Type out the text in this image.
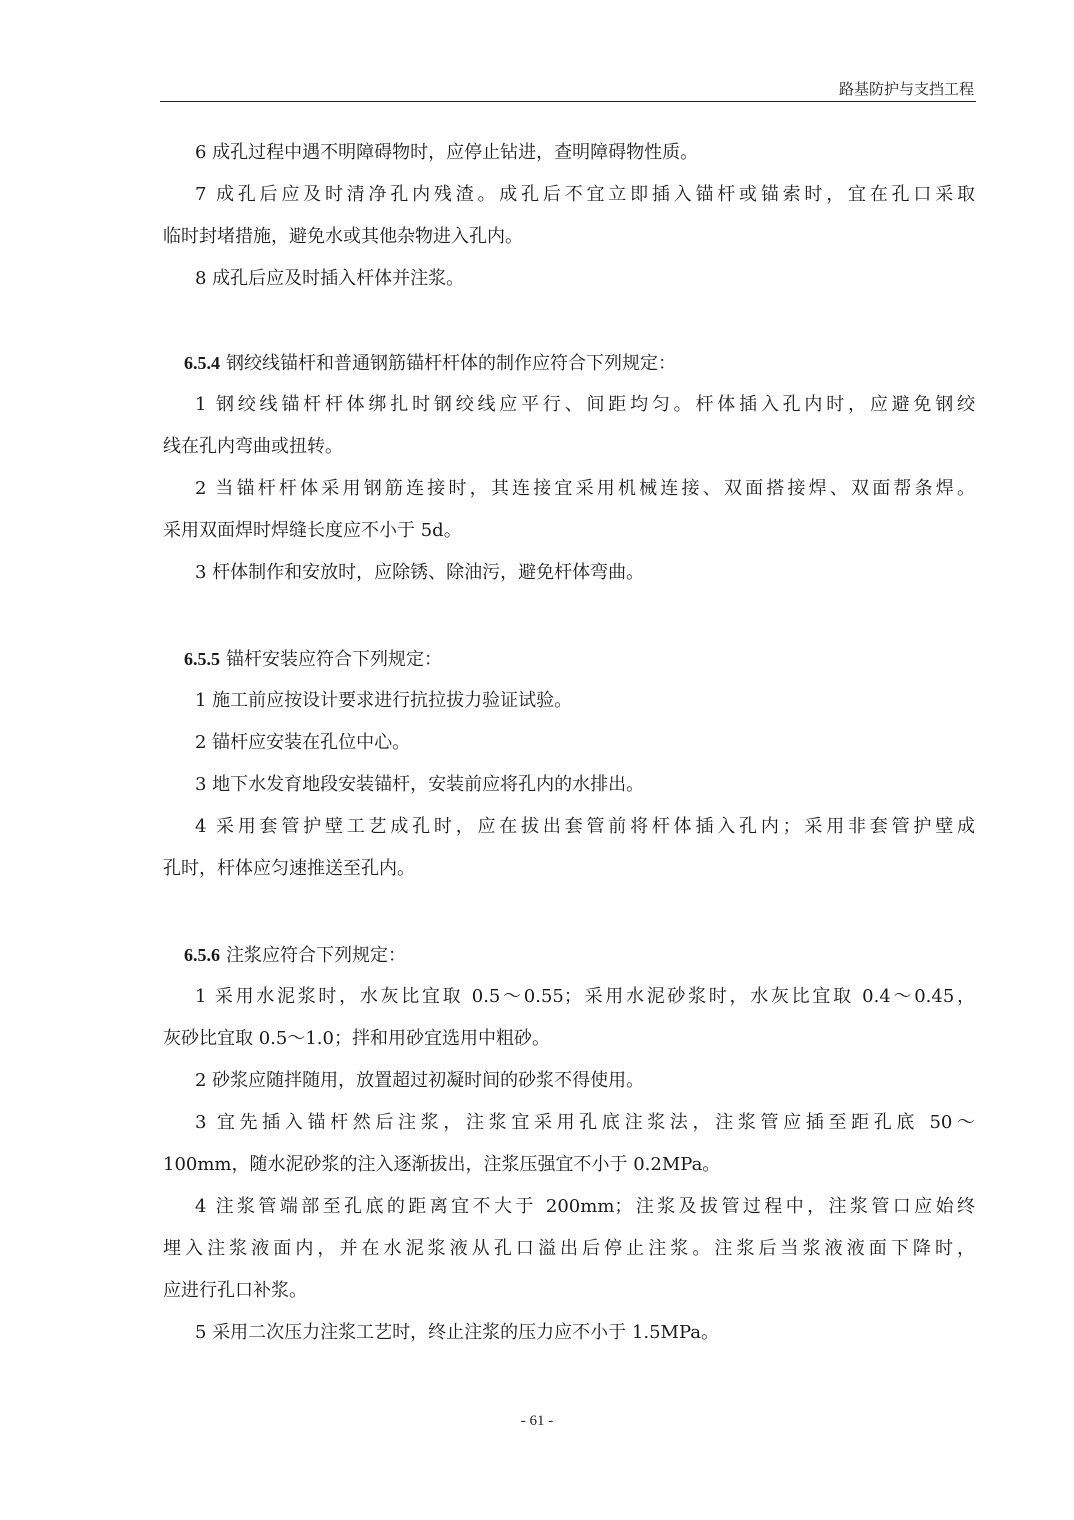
路基防护与支挡工程
6 成孔过程中遇不明障碍物时，应停止钻进，查明障碍物性质。
7 成孔后应及时清净孔内残渣。成孔后不宜立即插入锚杆或锚索时，宜在孔口采取
临时封堵措施，避免水或其他杂物进入孔内。
8 成孔后应及时插入杆体并注浆。
6.5.4 钢绞线锚杆和普通钢筋锚杆杆体的制作应符合下列规定：
1 钢绞线锚杆杆体绑扎时钢绞线应平行、间距均匀。杆体插入孔内时，应避免钢绞
线在孔内弯曲或扭转。
2 当锚杆杆体采用钢筋连接时，其连接宜采用机械连接、双面搭接焊、双面帮条焊。
采用双面焊时焊缝长度应不小于 5d。
3 杆体制作和安放时，应除锈、除油污，避免杆体弯曲。
6.5.5 锚杆安装应符合下列规定：
1 施工前应按设计要求进行抗拉拔力验证试验。
2 锚杆应安装在孔位中心。
3 地下水发育地段安装锚杆，安装前应将孔内的水排出。
4 采用套管护壁工艺成孔时，应在拔出套管前将杆体插入孔内；采用非套管护壁成
孔时，杆体应匀速推送至孔内。
6.5.6 注浆应符合下列规定：
1 采用水泥浆时，水灰比宜取 0.5～0.55；采用水泥砂浆时，水灰比宜取 0.4～0.45，
灰砂比宜取 0.5～1.0；拌和用砂宜选用中粗砂。
2 砂浆应随拌随用，放置超过初凝时间的砂浆不得使用。
3 宜先插入锚杆然后注浆，注浆宜采用孔底注浆法，注浆管应插至距孔底 50～
100mm，随水泥砂浆的注入逐渐拔出，注浆压强宜不小于 0.2MPa。
4 注浆管端部至孔底的距离宜不大于 200mm；注浆及拔管过程中，注浆管口应始终
埋入注浆液面内，并在水泥浆液从孔口溢出后停止注浆。注浆后当浆液液面下降时，
应进行孔口补浆。
5 采用二次压力注浆工艺时，终止注浆的压力应不小于 1.5MPa。
- 61 -
